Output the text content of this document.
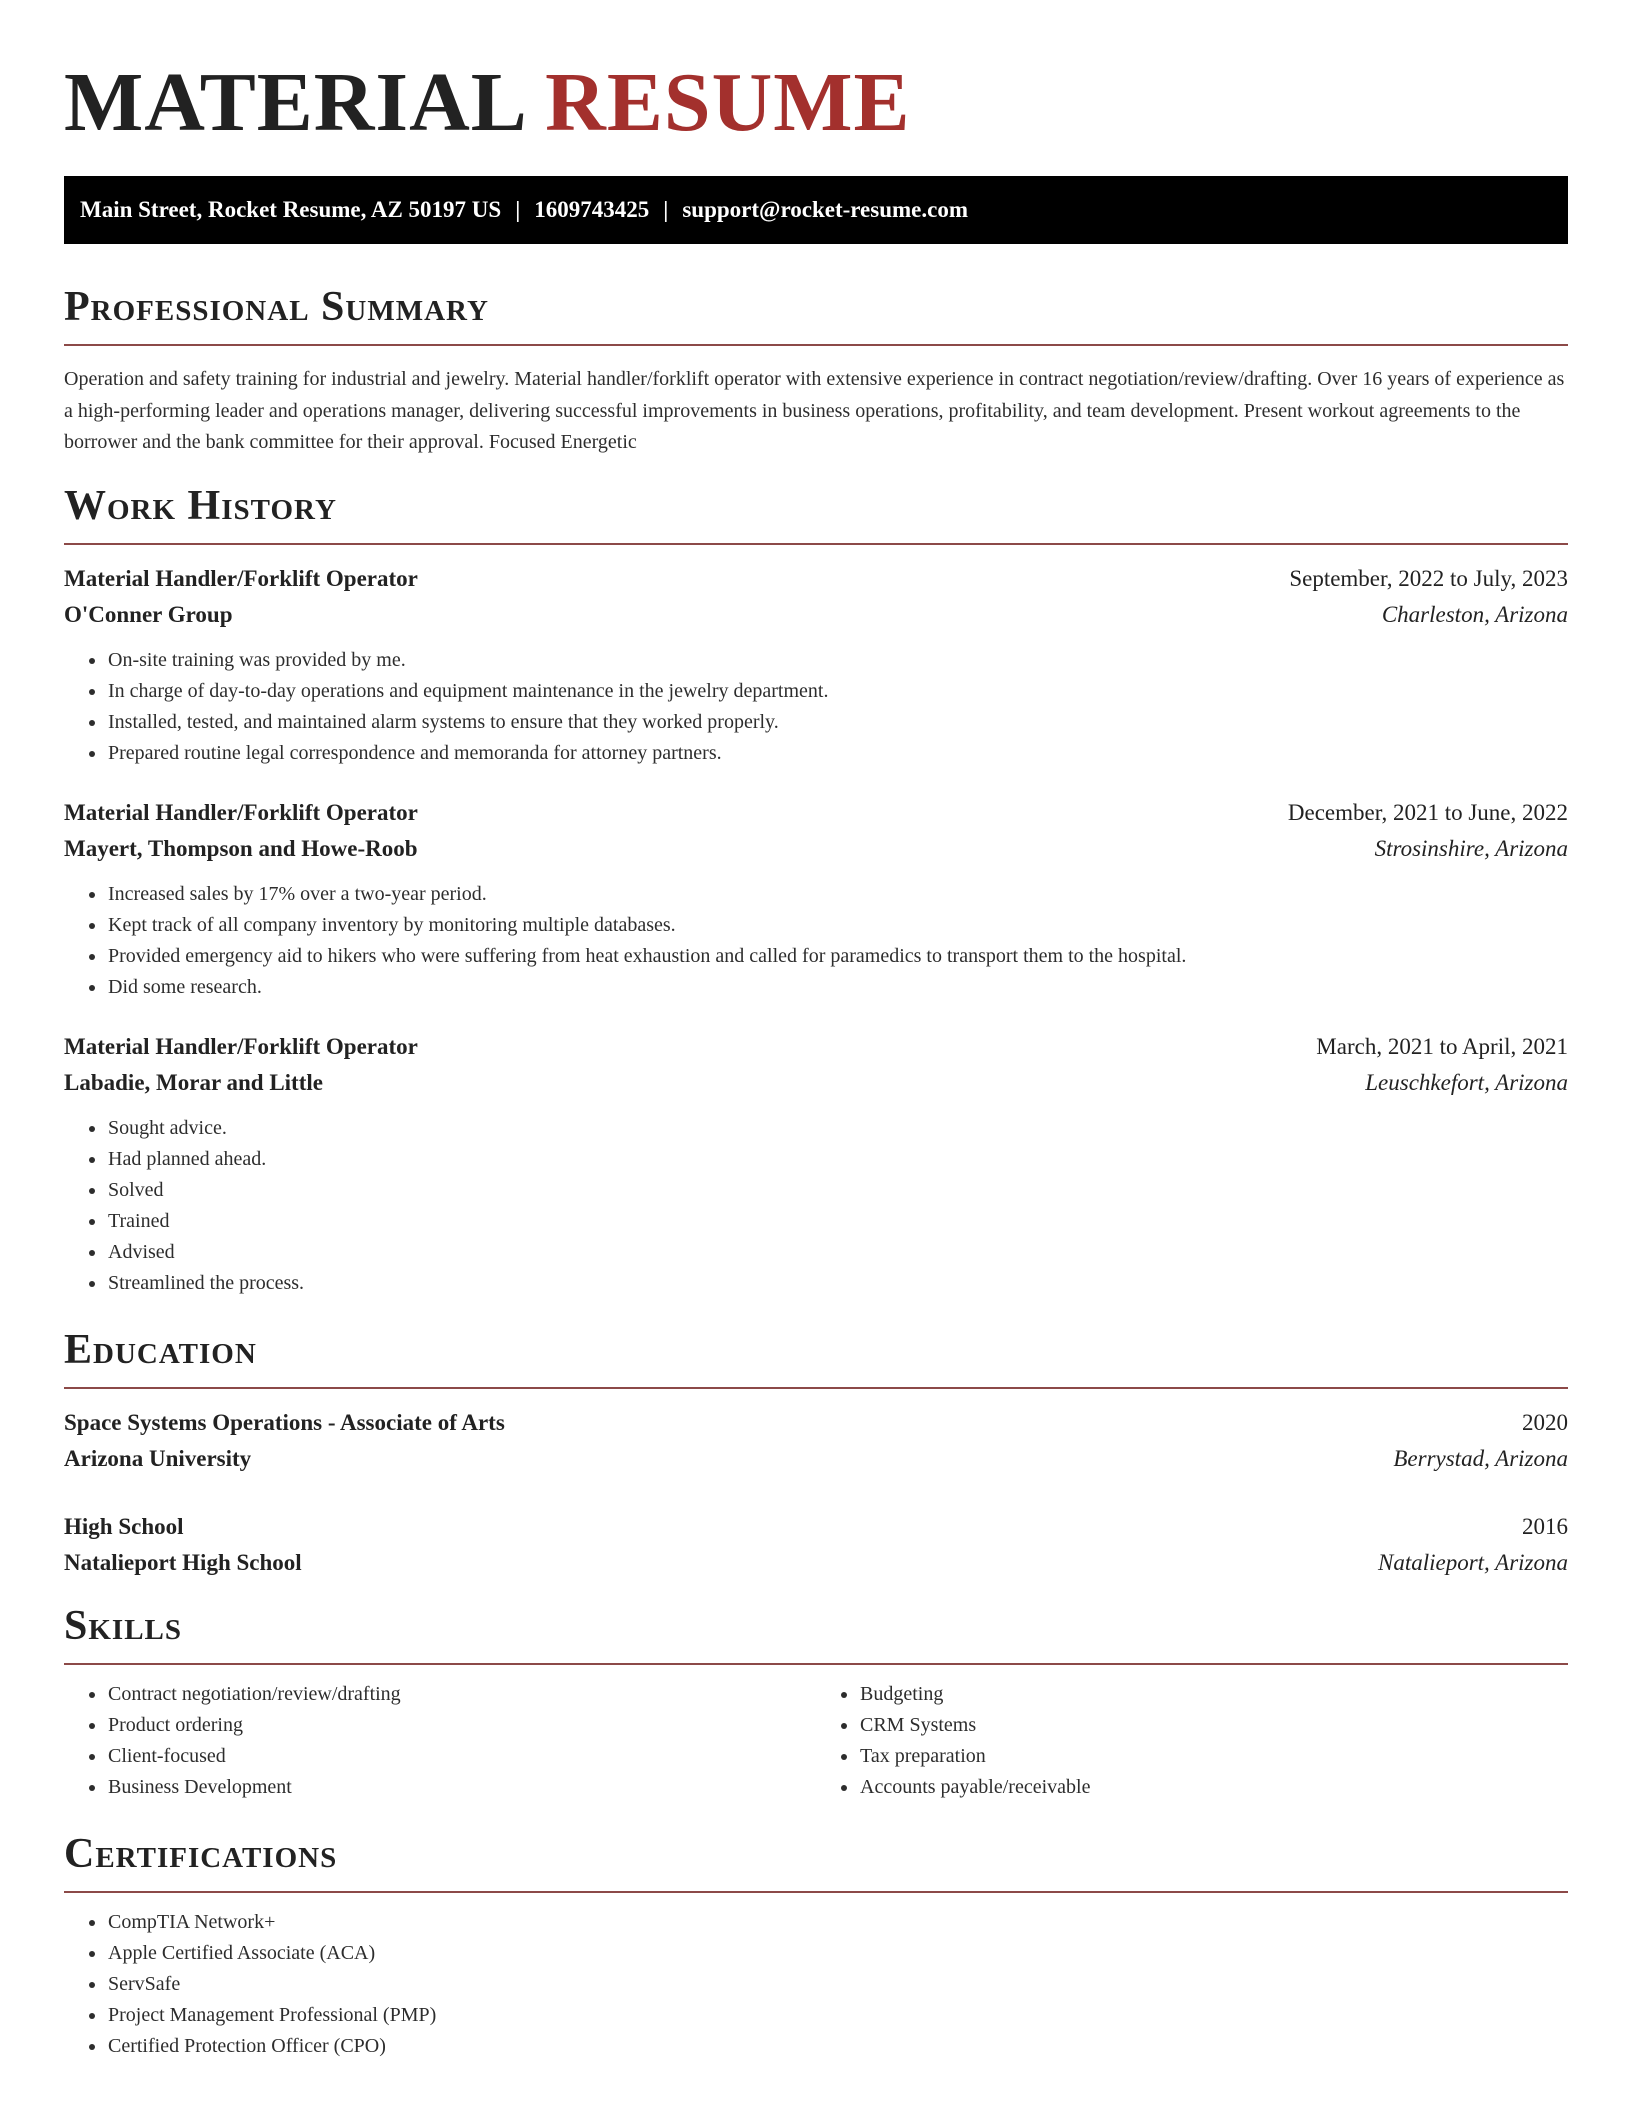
MATERIAL RESUME
Main Street, Rocket Resume, AZ 50197 US | 1609743425 | support@rocket-resume.com
Professional Summary

Operation and safety training for industrial and jewelry. Material handler/forklift operator with extensive experience in contract negotiation/review/drafting. Over 16 years of experience as a high-performing leader and operations manager, delivering successful improvements in business operations, profitability, and team development. Present workout agreements to the borrower and the bank committee for their approval. Focused Energetic

Work History
Material Handler/Forklift Operator	September, 2022 to July, 2023
O'Conner Group	Charleston, Arizona
• On-site training was provided by me.
• In charge of day-to-day operations and equipment maintenance in the jewelry department.
• Installed, tested, and maintained alarm systems to ensure that they worked properly.
• Prepared routine legal correspondence and memoranda for attorney partners.
Material Handler/Forklift Operator	December, 2021 to June, 2022
Mayert, Thompson and Howe-Roob	Strosinshire, Arizona
• Increased sales by 17% over a two-year period.
• Kept track of all company inventory by monitoring multiple databases.
• Provided emergency aid to hikers who were suffering from heat exhaustion and called for paramedics to transport them to the hospital.
• Did some research.
Material Handler/Forklift Operator	March, 2021 to April, 2021
Labadie, Morar and Little	Leuschkefort, Arizona
• Sought advice.
• Had planned ahead.
• Solved
• Trained
• Advised
• Streamlined the process.
Education
Space Systems Operations - Associate of Arts	2020
Arizona University	Berrystad, Arizona
High School	2016
Natalieport High School	Natalieport, Arizona
Skills
• Contract negotiation/review/drafting
• Product ordering
• Client-focused
• Business Development
• Budgeting
• CRM Systems
• Tax preparation
• Accounts payable/receivable
Certifications
• CompTIA Network+
• Apple Certified Associate (ACA)
• ServSafe
• Project Management Professional (PMP)
• Certified Protection Officer (CPO)
